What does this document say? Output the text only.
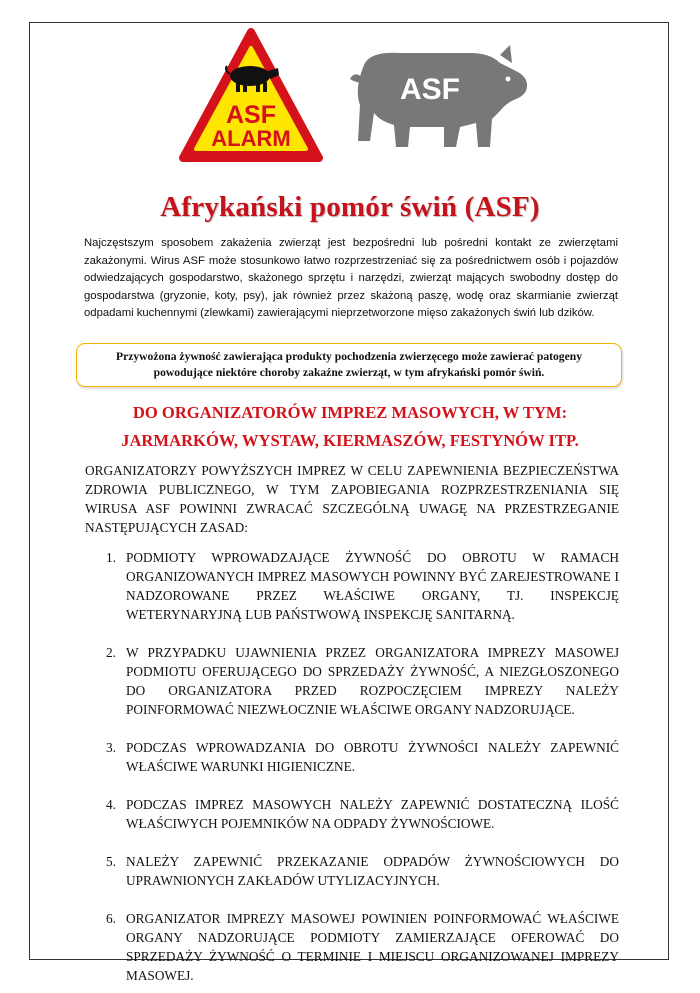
ASF
ALARM
ASF
Afrykański pomór świń (ASF)
Najczęstszym sposobem zakażenia zwierząt jest bezpośredni lub pośredni kontakt ze zwierzętami zakażonymi. Wirus ASF może stosunkowo łatwo rozprzestrzeniać się za pośrednictwem osób i pojazdów odwiedzających gospodarstwo, skażonego sprzętu i narzędzi, zwierząt mających swobodny dostęp do gospodarstwa (gryzonie, koty, psy), jak również przez skażoną paszę, wodę oraz skarmianie zwierząt odpadami kuchennymi (zlewkami) zawierającymi nieprzetworzone mięso zakażonych świń lub dzików.
Przywożona żywność zawierająca produkty pochodzenia zwierzęcego może zawierać patogeny powodujące niektóre choroby zakaźne zwierząt, w tym afrykański pomór świń.
DO ORGANIZATORÓW IMPREZ MASOWYCH, W TYM:
JARMARKÓW, WYSTAW, KIERMASZÓW, FESTYNÓW ITP.
ORGANIZATORZY POWYŻSZYCH IMPREZ W CELU ZAPEWNIENIA BEZPIECZEŃSTWA ZDROWIA PUBLICZNEGO, W TYM ZAPOBIEGANIA ROZPRZESTRZENIANIA SIĘ WIRUSA ASF POWINNI ZWRACAĆ SZCZEGÓLNĄ UWAGĘ NA PRZESTRZEGANIE NASTĘPUJĄCYCH ZASAD:
1. PODMIOTY WPROWADZAJĄCE ŻYWNOŚĆ DO OBROTU W RAMACH ORGANIZOWANYCH IMPREZ MASOWYCH POWINNY BYĆ ZAREJESTROWANE I NADZOROWANE PRZEZ WŁAŚCIWE ORGANY, TJ. INSPEKCJĘ WETERYNARYJNĄ LUB PAŃSTWOWĄ INSPEKCJĘ SANITARNĄ.
2. W PRZYPADKU UJAWNIENIA PRZEZ ORGANIZATORA IMPREZY MASOWEJ PODMIOTU OFERUJĄCEGO DO SPRZEDAŻY ŻYWNOŚĆ, A NIEZGŁOSZONEGO DO ORGANIZATORA PRZED ROZPOCZĘCIEM IMPREZY NALEŻY POINFORMOWAĆ NIEZWŁOCZNIE WŁAŚCIWE ORGANY NADZORUJĄCE.
3. PODCZAS WPROWADZANIA DO OBROTU ŻYWNOŚCI NALEŻY ZAPEWNIĆ WŁAŚCIWE WARUNKI HIGIENICZNE.
4. PODCZAS IMPREZ MASOWYCH NALEŻY ZAPEWNIĆ DOSTATECZNĄ ILOŚĆ WŁAŚCIWYCH POJEMNIKÓW NA ODPADY ŻYWNOŚCIOWE.
5. NALEŻY ZAPEWNIĆ PRZEKAZANIE ODPADÓW ŻYWNOŚCIOWYCH DO UPRAWNIONYCH ZAKŁADÓW UTYLIZACYJNYCH.
6. ORGANIZATOR IMPREZY MASOWEJ POWINIEN POINFORMOWAĆ WŁAŚCIWE ORGANY NADZORUJĄCE PODMIOTY ZAMIERZAJĄCE OFEROWAĆ DO SPRZEDAŻY ŻYWNOŚĆ O TERMINIE I MIEJSCU ORGANIZOWANEJ IMPREZY MASOWEJ.
